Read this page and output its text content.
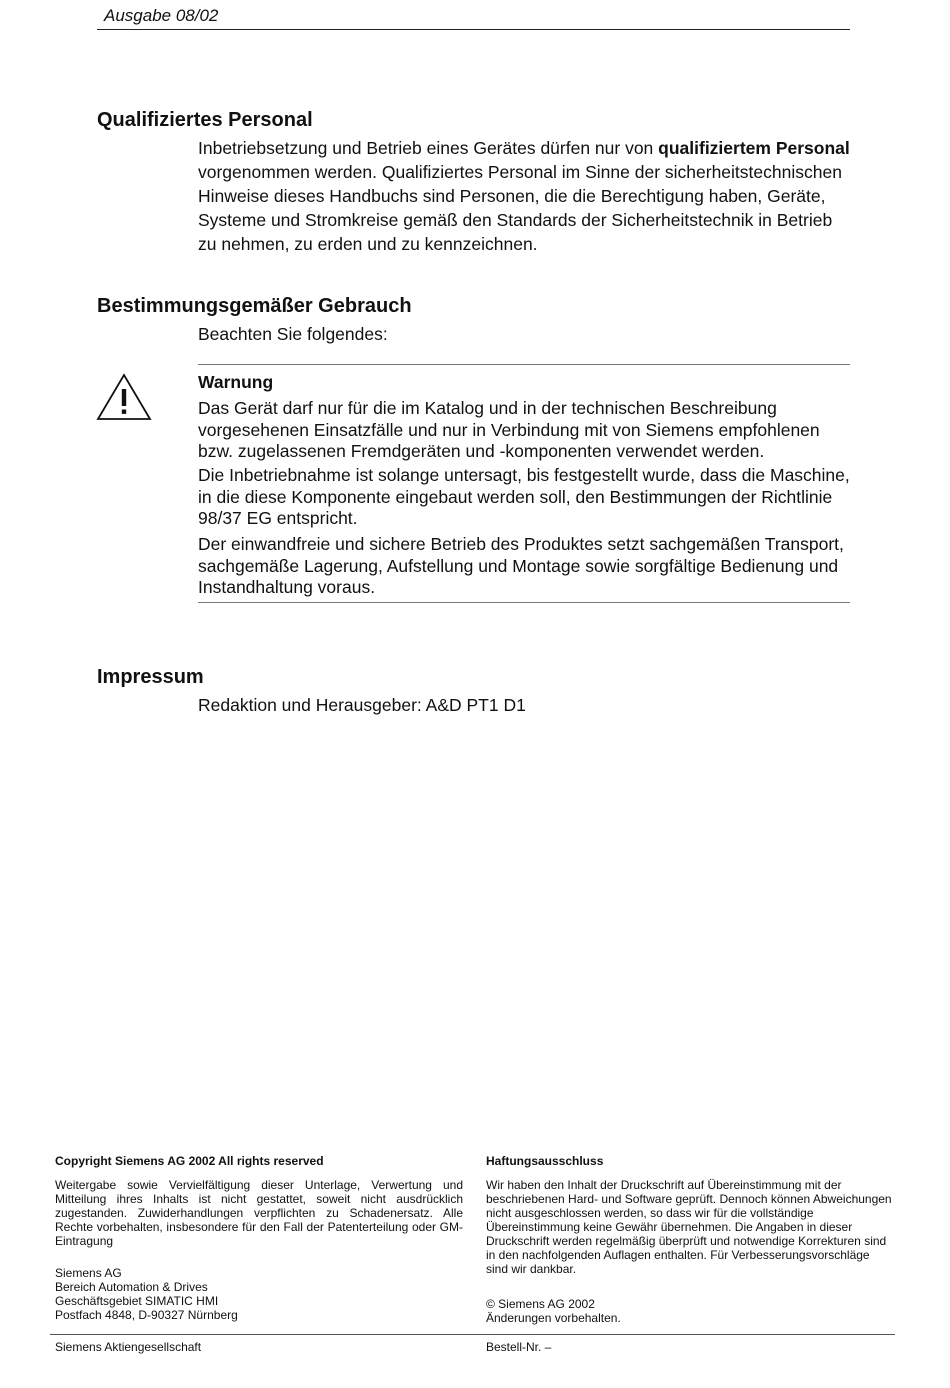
Ausgabe 08/02
Qualifiziertes Personal
Inbetriebsetzung und Betrieb eines Gerätes dürfen nur von qualifiziertem Personal vorgenommen werden. Qualifiziertes Personal im Sinne der sicherheitstechnischen Hinweise dieses Handbuchs sind Personen, die die Berechtigung haben, Geräte, Systeme und Stromkreise gemäß den Standards der Sicherheitstechnik in Betrieb zu nehmen, zu erden und zu kennzeichnen.
Bestimmungsgemäßer Gebrauch
Beachten Sie folgendes:
Warnung
Das Gerät darf nur für die im Katalog und in der technischen Beschreibung vorgesehenen Einsatzfälle und nur in Verbindung mit von Siemens empfohlenen bzw. zugelassenen Fremdgeräten und -komponenten verwendet werden.
Die Inbetriebnahme ist solange untersagt, bis festgestellt wurde, dass die Maschine, in die diese Komponente eingebaut werden soll, den Bestimmungen der Richtlinie 98/37 EG entspricht.
Der einwandfreie und sichere Betrieb des Produktes setzt sachgemäßen Transport, sachgemäße Lagerung, Aufstellung und Montage sowie sorgfältige Bedienung und Instandhaltung voraus.
Impressum
Redaktion und Herausgeber: A&D PT1 D1
Copyright Siemens AG 2002 All rights reserved
Weitergabe sowie Vervielfältigung dieser Unterlage, Verwertung und Mitteilung ihres Inhalts ist nicht gestattet, soweit nicht ausdrücklich zugestanden. Zuwiderhandlungen verpflichten zu Schadenersatz. Alle Rechte vorbehalten, insbesondere für den Fall der Patenterteilung oder GM-Eintragung
Siemens AG
Bereich Automation & Drives
Geschäftsgebiet SIMATIC HMI
Postfach 4848, D-90327 Nürnberg
Haftungsausschluss
Wir haben den Inhalt der Druckschrift auf Übereinstimmung mit der beschriebenen Hard- und Software geprüft. Dennoch können Abweichungen nicht ausgeschlossen werden, so dass wir für die vollständige Übereinstimmung keine Gewähr übernehmen. Die Angaben in dieser Druckschrift werden regelmäßig überprüft und notwendige Korrekturen sind in den nachfolgenden Auflagen enthalten. Für Verbesserungsvorschläge sind wir dankbar.
© Siemens AG 2002
Änderungen vorbehalten.
Siemens Aktiengesellschaft	Bestell-Nr. –
